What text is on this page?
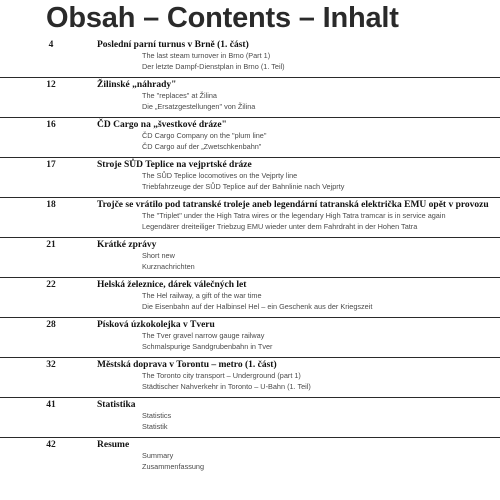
Obsah – Contents – Inhalt
4	Poslední parní turnus v Brně (1. část)
The last steam turnover in Brno (Part 1)
Der letzte Dampf-Dienstplan in Brno (1. Teil)
12	Žilinské „náhrady"
The "replaces" at Žilina
Die „Ersatzgestellungen" von Žilina
16	ČD Cargo na „švestkové dráze"
ČD Cargo Company on the "plum line"
ČD Cargo auf der „Zwetschkenbahn"
17	Stroje SŮD Teplice na vejprtské dráze
The SŮD Teplice locomotives on the Vejprty line
Triebfahrzeuge der SŮD Teplice auf der Bahnlinie nach Vejprty
18	Trojče se vrátilo pod tatranské troleje aneb legendární tatranská električka EMU opět v provozu
The "Triplet" under the High Tatra wires or the legendary High Tatra tramcar is in service again
Legendärer dreiteiliger Triebzug EMU wieder unter dem Fahrdraht in der Hohen Tatra
21	Krátké zprávy
Short new
Kurznachrichten
22	Helská železnice, dárek válečných let
The Hel railway, a gift of the war time
Die Eisenbahn auf der Halbinsel Hel – ein Geschenk aus der Kriegszeit
28	Písková úzkokolejka v Tveru
The Tver gravel narrow gauge railway
Schmalspurige Sandgrubenbahn in Tver
32	Městská doprava v Torontu – metro (1. část)
The Toronto city transport – Underground (part 1)
Städtischer Nahverkehr in Toronto – U-Bahn (1. Teil)
41	Statistika
Statistics
Statistik
42	Resume
Summary
Zusammenfassung
